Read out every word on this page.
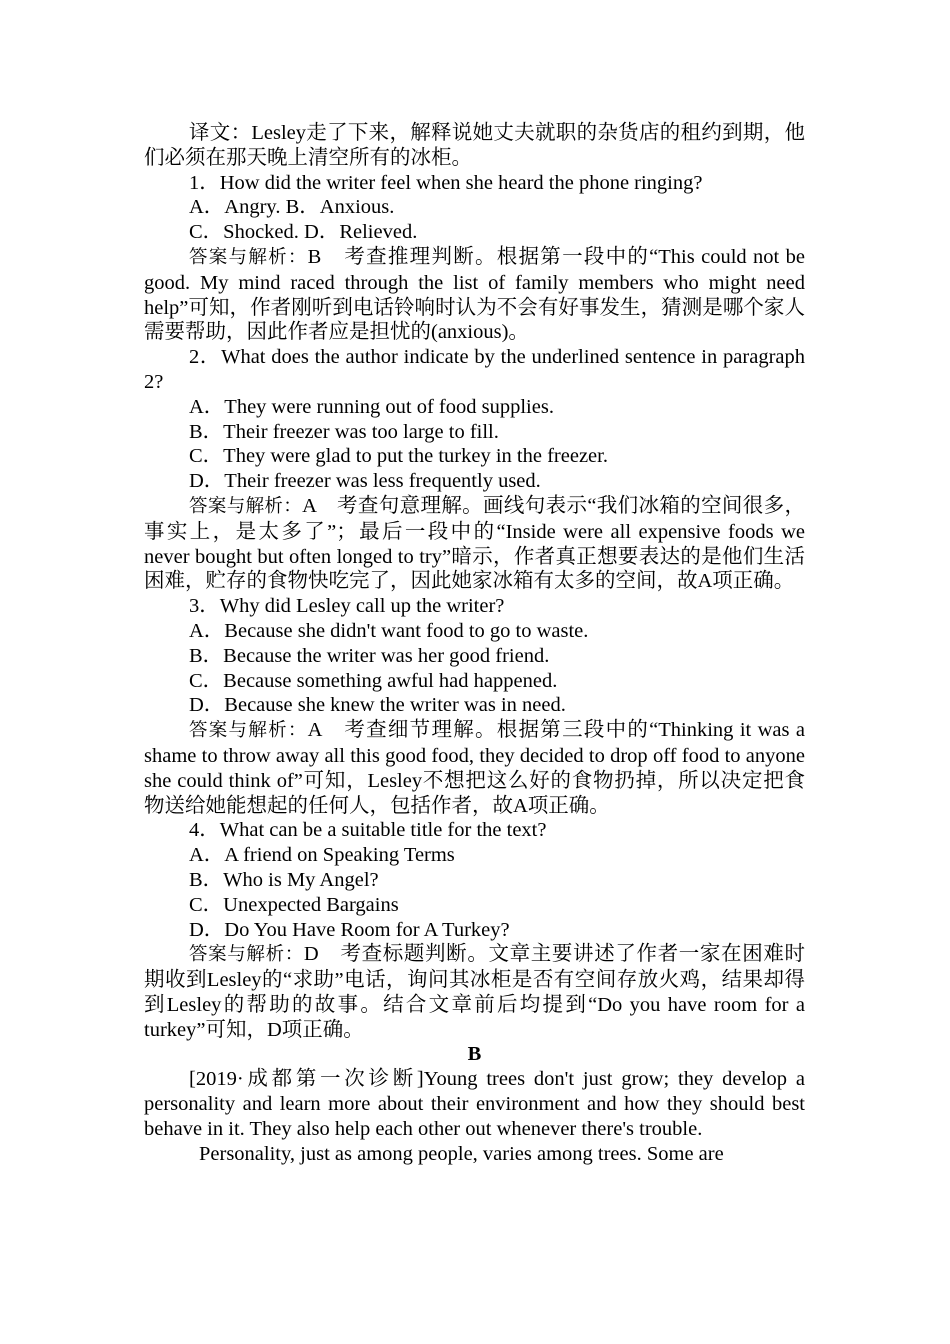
译文：Lesley走了下来，解释说她丈夫就职的杂货店的租约到期，他们必须在那天晚上清空所有的冰柜。

1．How did the writer feel when she heard the phone ringing?

A．Angry. B．Anxious.

C．Shocked. D．Relieved.

答案与解析：B　考查推理判断。根据第一段中的“This could not be good. My mind raced through the list of family members who might need help”可知，作者刚听到电话铃响时认为不会有好事发生，猜测是哪个家人需要帮助，因此作者应是担忧的(anxious)。

2．What does the author indicate by the underlined sentence in paragraph 2?

A．They were running out of food supplies.

B．Their freezer was too large to fill.

C．They were glad to put the turkey in the freezer.

D．Their freezer was less frequently used.

答案与解析：A　考查句意理解。画线句表示“我们冰箱的空间很多，事实上，是太多了”；最后一段中的“Inside were all expensive foods we never bought but often longed to try”暗示，作者真正想要表达的是他们生活困难，贮存的食物快吃完了，因此她家冰箱有太多的空间，故A项正确。

3．Why did Lesley call up the writer?

A．Because she didn't want food to go to waste.

B．Because the writer was her good friend.

C．Because something awful had happened.

D．Because she knew the writer was in need.

答案与解析：A　考查细节理解。根据第三段中的“Thinking it was a shame to throw away all this good food, they decided to drop off food to anyone she could think of”可知，Lesley不想把这么好的食物扔掉，所以决定把食物送给她能想起的任何人，包括作者，故A项正确。

4．What can be a suitable title for the text?

A．A friend on Speaking Terms

B．Who is My Angel?

C．Unexpected Bargains

D．Do You Have Room for A Turkey?

答案与解析：D　考查标题判断。文章主要讲述了作者一家在困难时期收到Lesley的“求助”电话，询问其冰柜是否有空间存放火鸡，结果却得到Lesley的帮助的故事。结合文章前后均提到“Do you have room for a turkey”可知，D项正确。

B

[2019·成都第一次诊断]Young trees don't just grow; they develop a personality and learn more about their environment and how they should best behave in it. They also help each other out whenever there's trouble.

Personality, just as among people, varies among trees. Some are
